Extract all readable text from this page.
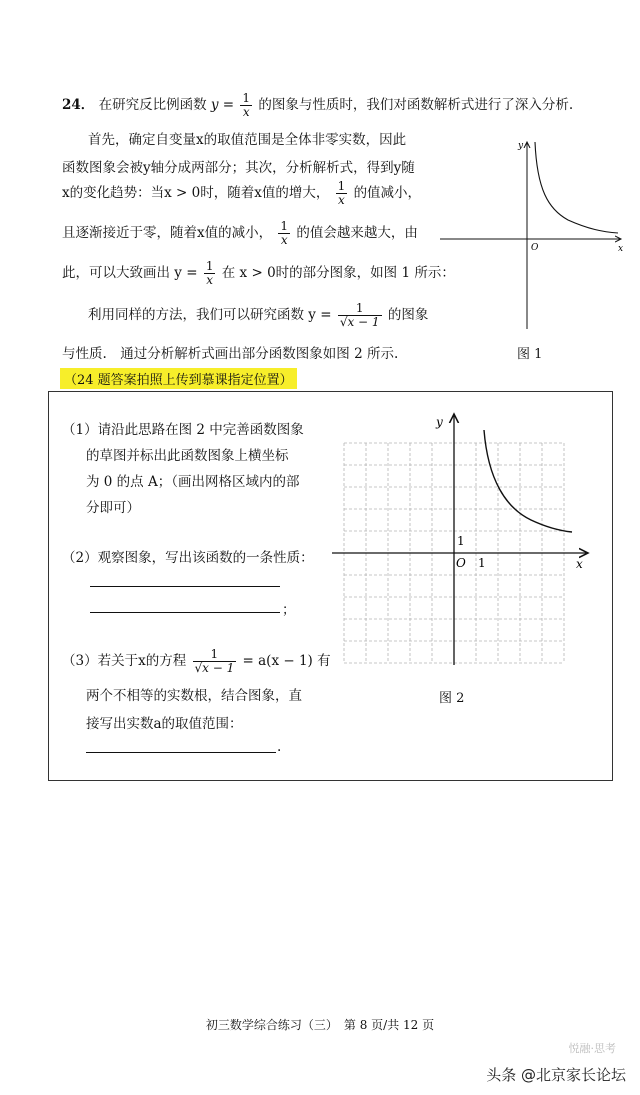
24． 在研究反比例函数 $y = \frac{1}{x}$ 的图象与性质时，我们对函数解析式进行了深入分析.
首先，确定自变量x的取值范围是全体非零实数，因此
函数图象会被y轴分成两部分；其次，分析解析式，得到y随
x的变化趋势：当x > 0时，随着x值的增大， $\frac{1}{x}$ 的值减小，
且逐渐接近于零，随着x值的减小， $\frac{1}{x}$ 的值会越来越大，由
此，可以大致画出 $y = \frac{1}{x}$ 在 x > 0时的部分图象，如图 1 所示：
利用同样的方法，我们可以研究函数 $y = \frac{1}{√x - 1}$ 的图象
与性质.　通过分析解析式画出部分函数图象如图 2 所示.
y
x
O
图 1
（24 题答案拍照上传到慕课指定位置）
（1）请沿此思路在图 2 中完善函数图象
的草图并标出此函数图象上横坐标
为 0 的点 A；（画出网格区域内的部
分即可）
（2）观察图象，写出该函数的一条性质：
；
（3）若关于x的方程 $\frac{1}{√x - 1} = a(x - 1)$ 有
两个不相等的实数根，结合图象，直
接写出实数a的取值范围：
.
y
x
O 1
1
图 2
初三数学综合练习（三）　第 8 页/共 12 页
悦融·思考
头条 @北京家长论坛
